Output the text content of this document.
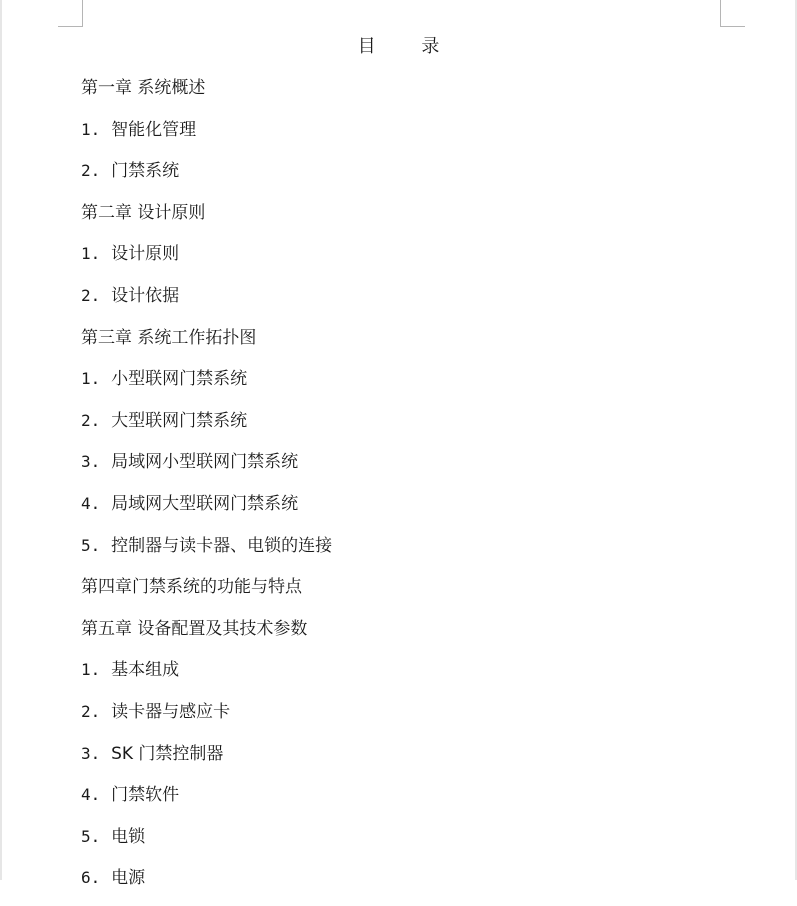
目 录
第一章 系统概述
1. 智能化管理
2. 门禁系统
第二章 设计原则
1. 设计原则
2. 设计依据
第三章 系统工作拓扑图
1. 小型联网门禁系统
2. 大型联网门禁系统
3. 局域网小型联网门禁系统
4. 局域网大型联网门禁系统
5. 控制器与读卡器、电锁的连接
第四章门禁系统的功能与特点
第五章 设备配置及其技术参数
1. 基本组成
2. 读卡器与感应卡
3. SK 门禁控制器
4. 门禁软件
5. 电锁
6. 电源
